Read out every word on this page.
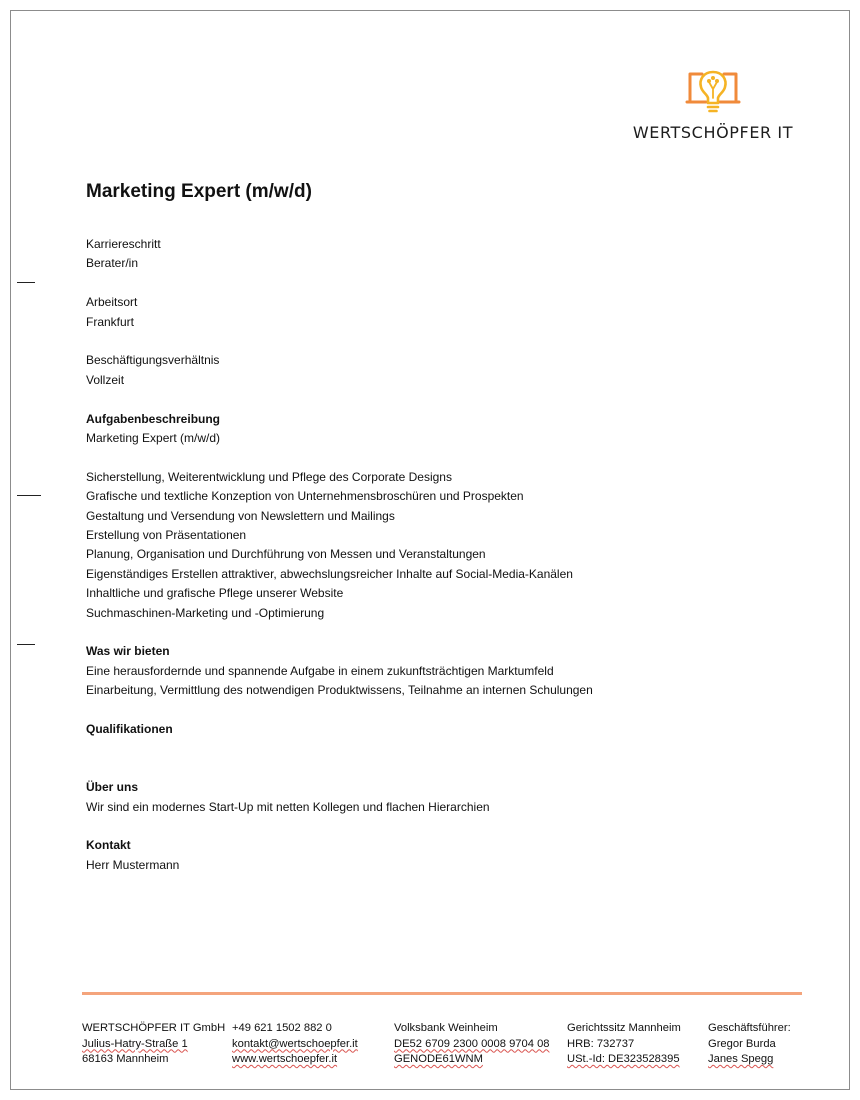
WERTSCHÖPFER IT
Marketing Expert (m/w/d)

Karriereschritt

Berater/in

Arbeitsort

Frankfurt

Beschäftigungsverhältnis

Vollzeit

Aufgabenbeschreibung

Marketing Expert (m/w/d)

Sicherstellung, Weiterentwicklung und Pflege des Corporate Designs

Grafische und textliche Konzeption von Unternehmensbroschüren und Prospekten

Gestaltung und Versendung von Newslettern und Mailings

Erstellung von Präsentationen

Planung, Organisation und Durchführung von Messen und Veranstaltungen

Eigenständiges Erstellen attraktiver, abwechslungsreicher Inhalte auf Social-Media-Kanälen

Inhaltliche und grafische Pflege unserer Website

Suchmaschinen-Marketing und -Optimierung

Was wir bieten

Eine herausfordernde und spannende Aufgabe in einem zukunftsträchtigen Marktumfeld

Einarbeitung, Vermittlung des notwendigen Produktwissens, Teilnahme an internen Schulungen

Qualifikationen

Über uns

Wir sind ein modernes Start-Up mit netten Kollegen und flachen Hierarchien

Kontakt

Herr Mustermann

WERTSCHÖPFER IT GmbH
Julius-Hatry-Straße 1
68163 Mannheim
+49 621 1502 882 0
kontakt@wertschoepfer.it
www.wertschoepfer.it
Volksbank Weinheim
DE52 6709 2300 0008 9704 08
GENODE61WNM
Gerichtssitz Mannheim
HRB: 732737
USt.-Id: DE323528395
Geschäftsführer:
Gregor Burda
Janes Spegg
